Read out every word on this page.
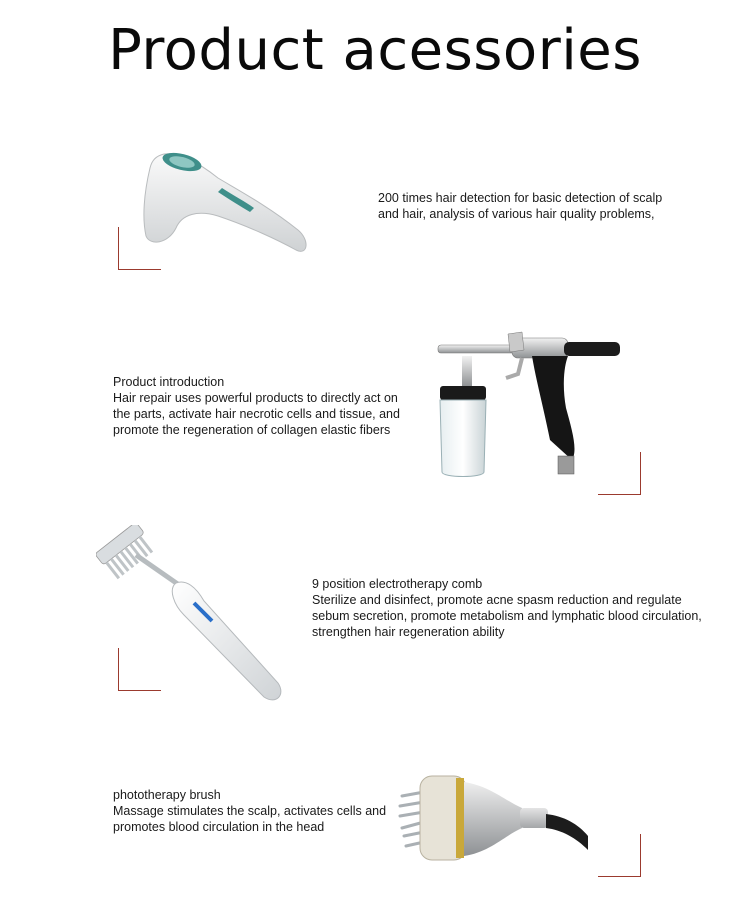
Product acessories
200 times hair detection for basic detection of scalp
and hair, analysis of various hair quality problems,
Product introduction
Hair repair uses powerful products to directly act on
the parts, activate hair necrotic cells and tissue, and
promote the regeneration of collagen elastic fibers
9 position electrotherapy comb
Sterilize and disinfect, promote acne spasm reduction and regulate
sebum secretion, promote metabolism and lymphatic blood circulation,
strengthen hair regeneration ability
phototherapy brush
Massage stimulates the scalp, activates cells and
promotes blood circulation in the head
